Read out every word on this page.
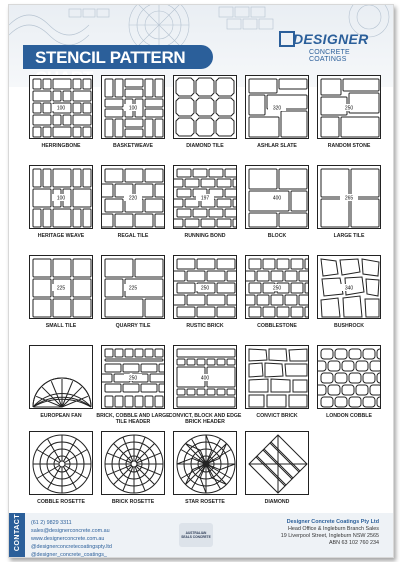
STENCIL PATTERN
DESIGNER
CONCRETE COATINGS
100
HERRINGBONE
100
BASKETWEAVE	DIAMOND TILE
320
ASHLAR SLATE
250
RANDOM STONE
100
HERITAGE WEAVE
220
REGAL TILE
197
RUNNING BOND
400
BLOCK
265
LARGE TILE
225
SMALL TILE
225
QUARRY TILE
250
RUSTIC BRICK
250
COBBLESTONE
340
BUSHROCK
EUROPEAN FAN
250
BRICK, COBBLE AND LARGE TILE HEADER
400
CONVICT, BLOCK AND EDGE BRICK HEADER
CONVICT BRICK	LONDON COBBLE
COBBLE ROSETTE	BRICK ROSETTE	STAR ROSETTE	DIAMOND
CONTACT (61 2) 9829 3311
sales@designerconcrete.com.au
www.designerconcrete.com.au
@designerconcretecoatingspty.ltd
@designer_concrete_coatings_
AUSTRALIAN SEALS CONCRETE
Designer Concrete Coatings Pty Ltd
Head Office & Ingleburn Branch Sales
19 Liverpool Street, Ingleburn NSW 2565
ABN 63 102 760 234
